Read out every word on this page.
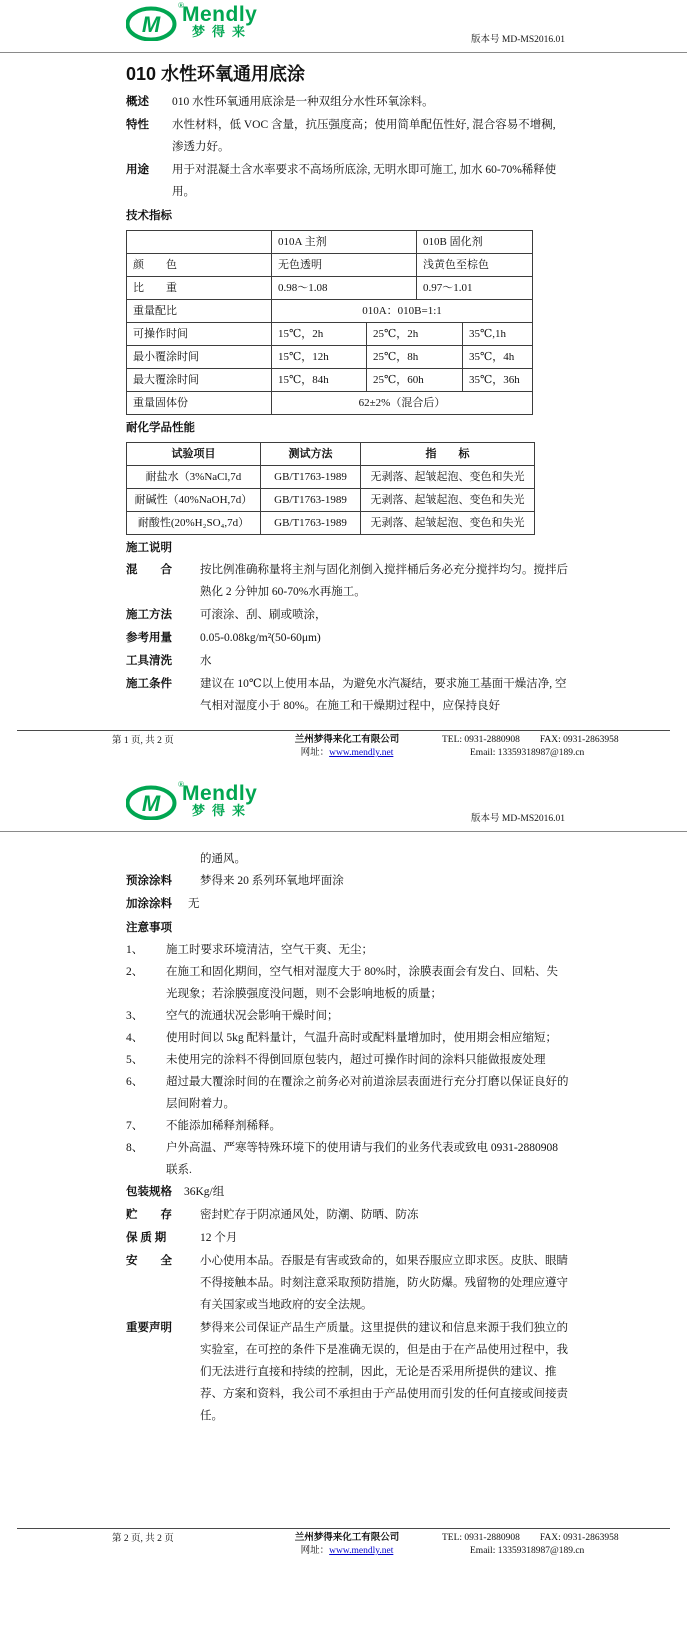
M
®
Mendly
梦得来
版本号 MD-MS2016.01
010 水性环氧通用底涂
概述	010 水性环氧通用底涂是一种双组分水性环氧涂料。
特性	水性材料，低 VOC 含量，抗压强度高；使用简单配伍性好, 混合容易不增稠, 渗透力好。
用途	用于对混凝土含水率要求不高场所底涂, 无明水即可施工, 加水 60-70%稀释使用。
技术指标
	010A 主剂		010B 固化剂	
颜　　色	无色透明		浅黄色至棕色	
比　　重	0.98～1.08		0.97～1.01	
重量配比	010A：010B=1:1			
可操作时间	15℃，2h	25℃，2h		35℃,1h
最小覆涂时间	15℃，12h	25℃，8h		35℃，4h
最大覆涂时间	15℃，84h	25℃，60h		35℃，36h
重量固体份	62±2%（混合后）			
耐化学品性能
试验项目	测试方法	指　　标
耐盐水（3%NaCl,7d	GB/T1763-1989	无剥落、起皱起泡、变色和失光
耐碱性（40%NaOH,7d）	GB/T1763-1989	无剥落、起皱起泡、变色和失光
耐酸性(20%H₂SO₄,7d）	GB/T1763-1989	无剥落、起皱起泡、变色和失光
施工说明
混　　合	按比例准确称量将主剂与固化剂倒入搅拌桶后务必充分搅拌均匀。搅拌后熟化 2 分钟加 60-70%水再施工。
施工方法	可滚涂、刮、刷或喷涂，
参考用量	0.05-0.08kg/m²(50-60μm)
工具清洗	水
施工条件	建议在 10℃以上使用本品，为避免水汽凝结，要求施工基面干燥洁净, 空气相对湿度小于 80%。在施工和干燥期过程中，应保持良好
第 1 页, 共 2 页	兰州梦得来化工有限公司
网址：www.mendly.net
TEL: 0931-2880908 FAX: 0931-2863958
Email: 13359318987@189.cn
M
®
Mendly
梦得来
版本号 MD-MS2016.01
的通风。
预涂涂料	梦得来 20 系列环氧地坪面涂
加涂涂料	无
注意事项
1、	施工时要求环境清洁，空气干爽、无尘；
2、	在施工和固化期间，空气相对湿度大于 80%时，涂膜表面会有发白、回粘、失光现象；若涂膜强度没问题，则不会影响地板的质量；
3、	空气的流通状况会影响干燥时间；
4、	使用时间以 5kg 配料量计，气温升高时或配料量增加时，使用期会相应缩短；
5、	未使用完的涂料不得倒回原包装内，超过可操作时间的涂料只能做报废处理
6、	超过最大覆涂时间的在覆涂之前务必对前道涂层表面进行充分打磨以保证良好的层间附着力。
7、	不能添加稀释剂稀释。
8、	户外高温、严寒等特殊环境下的使用请与我们的业务代表或致电 0931-2880908 联系.
包装规格	36Kg/组
贮　　存	密封贮存于阴凉通风处，防潮、防晒、防冻
保 质 期	12 个月
安　　全	小心使用本品。吞服是有害或致命的，如果吞服应立即求医。皮肤、眼睛不得接触本品。时刻注意采取预防措施，防火防爆。残留物的处理应遵守有关国家或当地政府的安全法规。
重要声明	梦得来公司保证产品生产质量。这里提供的建议和信息来源于我们独立的实验室，在可控的条件下是准确无误的，但是由于在产品使用过程中，我们无法进行直接和持续的控制，因此，无论是否采用所提供的建议、推荐、方案和资料，我公司不承担由于产品使用而引发的任何直接或间接责任。
第 2 页, 共 2 页	兰州梦得来化工有限公司
网址：www.mendly.net
TEL: 0931-2880908 FAX: 0931-2863958
Email: 13359318987@189.cn
